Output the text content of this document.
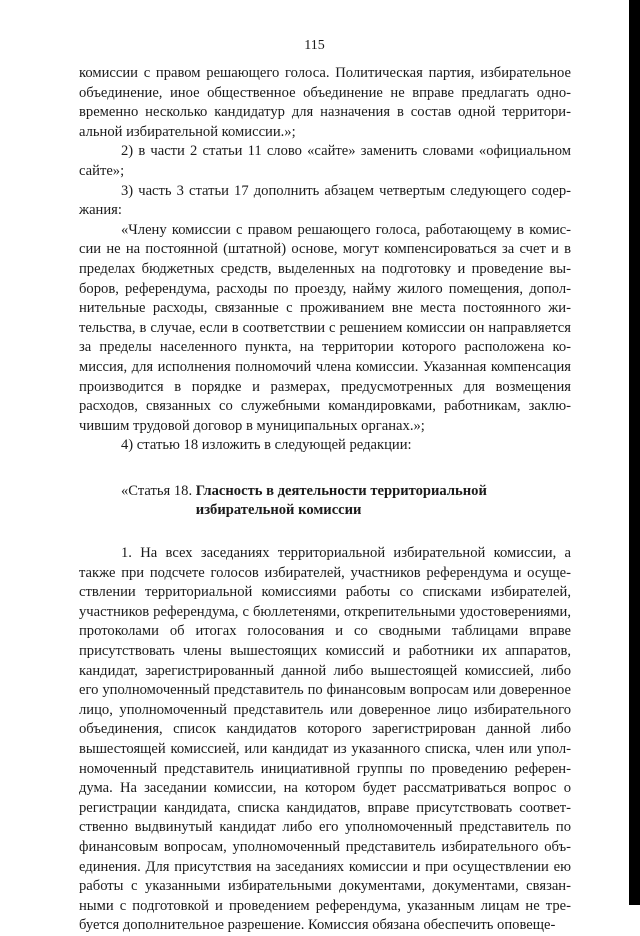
115

комиссии с правом решающего голоса. Политическая партия, избирательное объединение, иное общественное объединение не вправе предлагать одновременно несколько кандидатур для назначения в состав одной территориальной избирательной комиссии.»;

2) в части 2 статьи 11 слово «сайте» заменить словами «официальном сайте»;

3) часть 3 статьи 17 дополнить абзацем четвертым следующего содержания:

«Члену комиссии с правом решающего голоса, работающему в комиссии не на постоянной (штатной) основе, могут компенсироваться за счет и в пределах бюджетных средств, выделенных на подготовку и проведение выборов, референдума, расходы по проезду, найму жилого помещения, дополнительные расходы, связанные с проживанием вне места постоянного жительства, в случае, если в соответствии с решением комиссии он направляется за пределы населенного пункта, на территории которого расположена комиссия, для исполнения полномочий члена комиссии. Указанная компенсация производится в порядке и размерах, предусмотренных для возмещения расходов, связанных со служебными командировками, работникам, заключившим трудовой договор в муниципальных органах.»;

4) статью 18 изложить в следующей редакции:

«Статья 18. Гласность в деятельности территориальной избирательной комиссии

1. На всех заседаниях территориальной избирательной комиссии, а также при подсчете голосов избирателей, участников референдума и осуществлении территориальной комиссиями работы со списками избирателей, участников референдума, с бюллетенями, открепительными удостоверениями, протоколами об итогах голосования и со сводными таблицами вправе присутствовать члены вышестоящих комиссий и работники их аппаратов, кандидат, зарегистрированный данной либо вышестоящей комиссией, либо его уполномоченный представитель по финансовым вопросам или доверенное лицо, уполномоченный представитель или доверенное лицо избирательного объединения, список кандидатов которого зарегистрирован данной либо вышестоящей комиссией, или кандидат из указанного списка, член или уполномоченный представитель инициативной группы по проведению референдума. На заседании комиссии, на котором будет рассматриваться вопрос о регистрации кандидата, списка кандидатов, вправе присутствовать соответственно выдвинутый кандидат либо его уполномоченный представитель по финансовым вопросам, уполномоченный представитель избирательного объединения. Для присутствия на заседаниях комиссии и при осуществлении ею работы с указанными избирательными документами, документами, связанными с подготовкой и проведением референдума, указанным лицам не требуется дополнительное разрешение. Комиссия обязана обеспечить оповеще-
